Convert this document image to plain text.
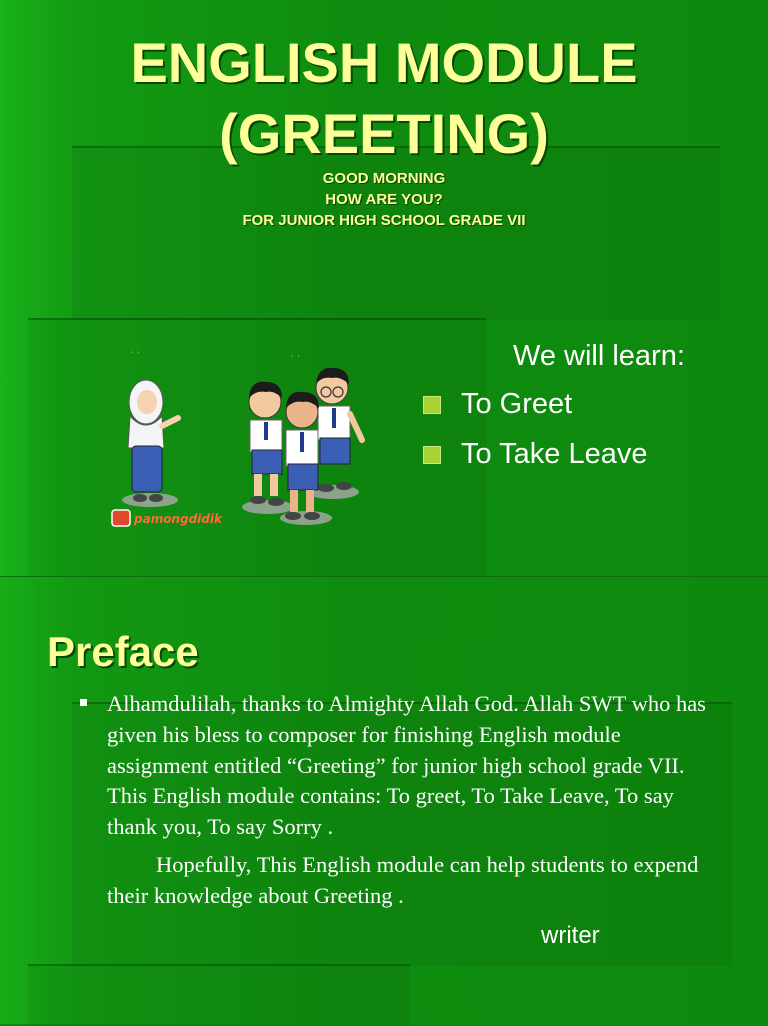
ENGLISH MODULE
(GREETING)
GOOD MORNING
HOW ARE YOU?
FOR JUNIOR HIGH SCHOOL GRADE VII
˙ ˙	˙ ˙
pamongdidik
We will learn:
To Greet
To Take Leave
Preface
Alhamdulilah, thanks to Almighty Allah God. Allah SWT who has given his bless to composer for finishing English module assignment entitled “Greeting” for junior high school grade VII. This English module contains: To greet, To Take Leave, To say thank you, To say Sorry .
Hopefully, This English module can help students to expend their knowledge about Greeting .
writer
